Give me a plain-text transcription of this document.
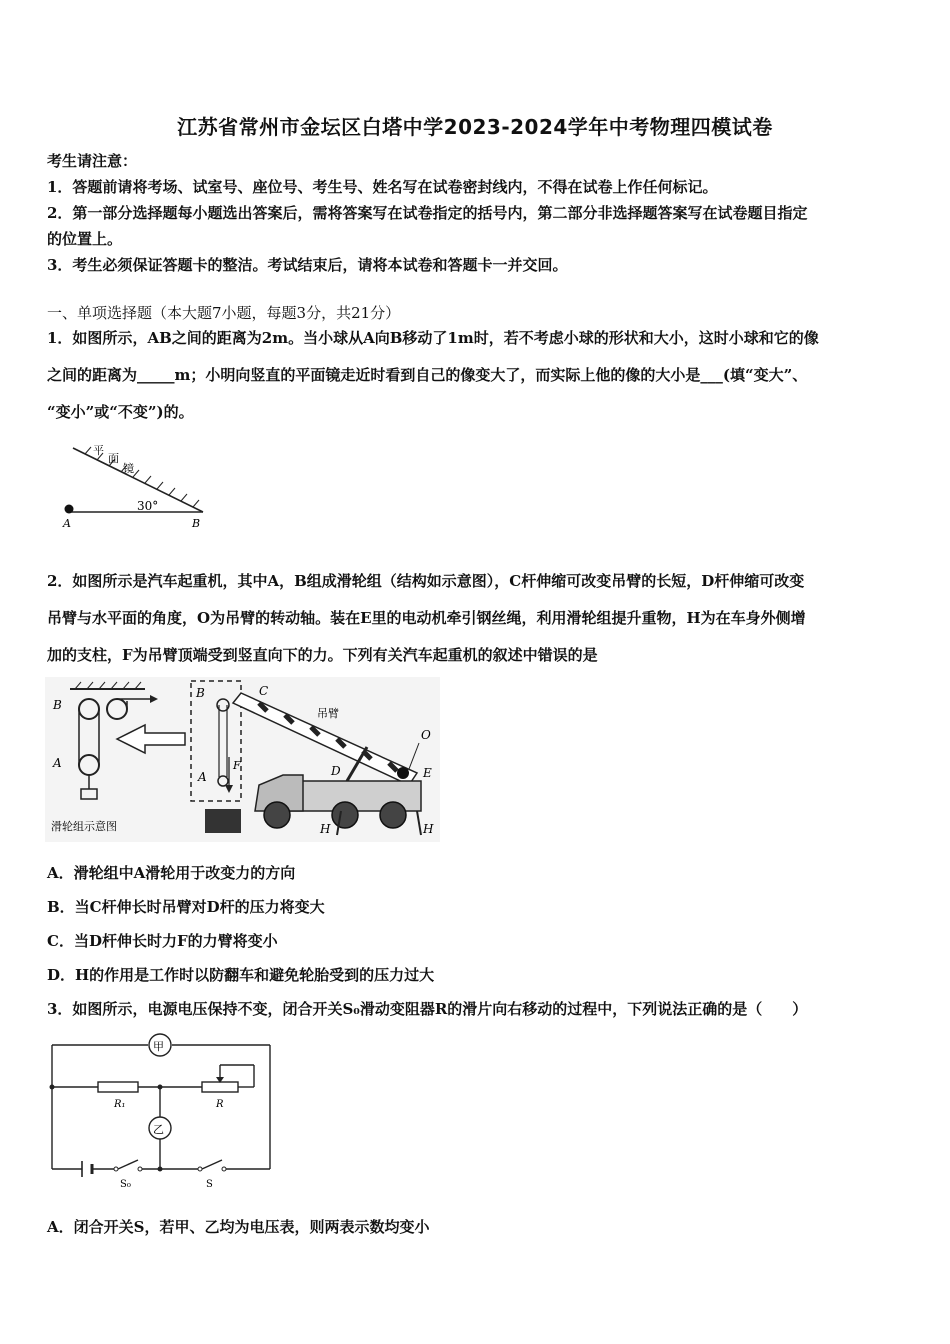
江苏省常州市金坛区白塔中学2023-2024学年中考物理四模试卷
考生请注意：
1．答题前请将考场、试室号、座位号、考生号、姓名写在试卷密封线内，不得在试卷上作任何标记。
2．第一部分选择题每小题选出答案后，需将答案写在试卷指定的括号内，第二部分非选择题答案写在试卷题目指定
的位置上。
3．考生必须保证答题卡的整洁。考试结束后，请将本试卷和答题卡一并交回。
一、单项选择题（本大题7小题，每题3分，共21分）
1．如图所示，AB之间的距离为2m。当小球从A向B移动了1m时，若不考虑小球的形状和大小，这时小球和它的像
之间的距离为_____m；小明向竖直的平面镜走近时看到自己的像变大了，而实际上他的像的大小是___(填“变大”、
“变小”或“不变”)的。
平
面
镜
30°
A	B
2．如图所示是汽车起重机，其中A，B组成滑轮组（结构如示意图），C杆伸缩可改变吊臂的长短，D杆伸缩可改变
吊臂与水平面的角度，O为吊臂的转动轴。装在E里的电动机牵引钢丝绳，利用滑轮组提升重物，H为在车身外侧增
加的支柱，F为吊臂顶端受到竖直向下的力。下列有关汽车起重机的叙述中错误的是
B
A
滑轮组示意图
B
A
F
C
吊臂
D
O
E
H	H
A．滑轮组中A滑轮用于改变力的方向
B．当C杆伸长时吊臂对D杆的压力将变大
C．当D杆伸长时力F的力臂将变小
D．H的作用是工作时以防翻车和避免轮胎受到的压力过大
3．如图所示，电源电压保持不变，闭合开关S₀滑动变阻器R的滑片向右移动的过程中，下列说法正确的是（　　）
甲
乙
R₁	R
S₀	S
A．闭合开关S，若甲、乙均为电压表，则两表示数均变小
